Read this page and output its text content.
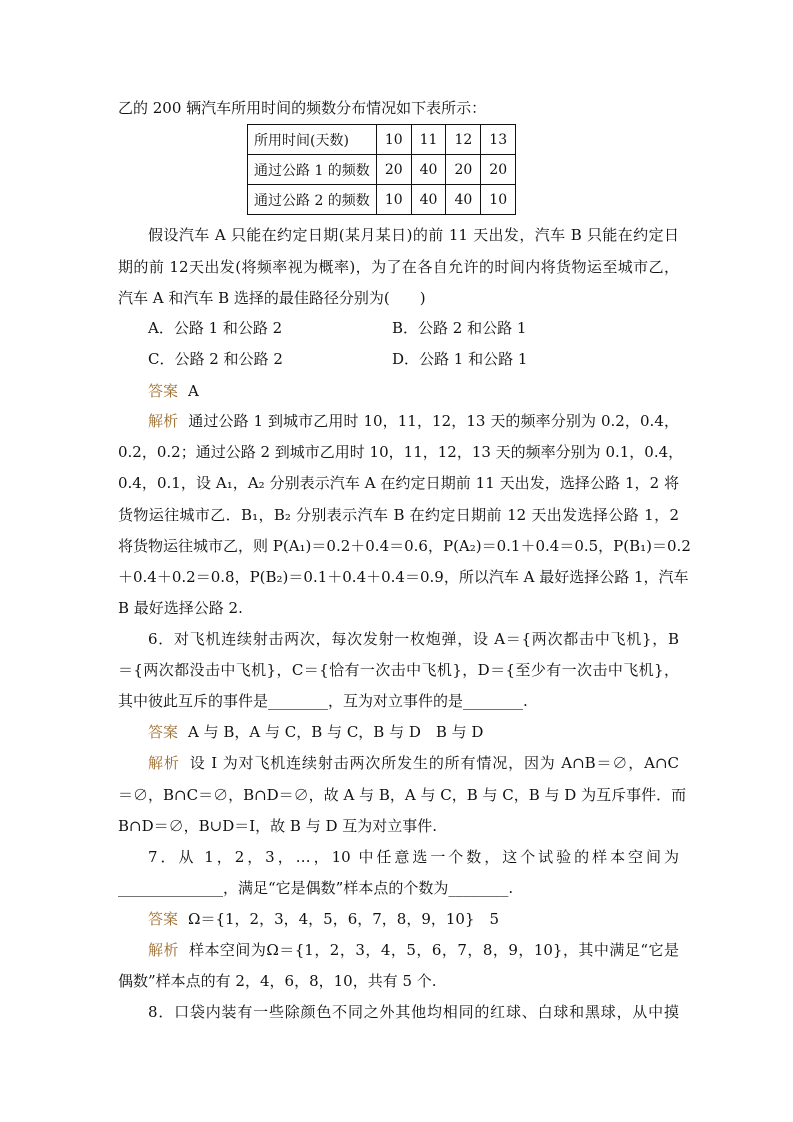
乙的 200 辆汽车所用时间的频数分布情况如下表所示：
所用时间(天数)	10	11	12	13
通过公路 1 的频数	20	40	20	20
通过公路 2 的频数	10	40	40	10
假设汽车 A 只能在约定日期(某月某日)的前 11 天出发，汽车 B 只能在约定日
期的前 12天出发(将频率视为概率)，为了在各自允许的时间内将货物运至城市乙，
汽车 A 和汽车 B 选择的最佳路径分别为(　　)
A．公路 1 和公路 2	B．公路 2 和公路 1
C．公路 2 和公路 2	D．公路 1 和公路 1
答案 A
解析 通过公路 1 到城市乙用时 10，11，12，13 天的频率分别为 0.2，0.4，
0.2，0.2；通过公路 2 到城市乙用时 10，11，12，13 天的频率分别为 0.1，0.4，
0.4，0.1，设 A₁，A₂ 分别表示汽车 A 在约定日期前 11 天出发，选择公路 1，2 将
货物运往城市乙．B₁，B₂ 分别表示汽车 B 在约定日期前 12 天出发选择公路 1，2
将货物运往城市乙，则 P(A₁)＝0.2＋0.4＝0.6，P(A₂)＝0.1＋0.4＝0.5，P(B₁)＝0.2
＋0.4＋0.2＝0.8，P(B₂)＝0.1＋0.4＋0.4＝0.9，所以汽车 A 最好选择公路 1，汽车
B 最好选择公路 2.
6．对飞机连续射击两次，每次发射一枚炮弹，设 A＝{两次都击中飞机}，B
＝{两次都没击中飞机}，C＝{恰有一次击中飞机}，D＝{至少有一次击中飞机}，
其中彼此互斥的事件是________，互为对立事件的是________.
答案 A 与 B，A 与 C，B 与 C，B 与 D　B 与 D
解析 设 I 为对飞机连续射击两次所发生的所有情况，因为 A∩B＝∅，A∩C
＝∅，B∩C＝∅，B∩D＝∅，故 A 与 B，A 与 C，B 与 C，B 与 D 为互斥事件．而
B∩D＝∅，B∪D＝I，故 B 与 D 互为对立事件.
7．从 1，2，3，…，10 中任意选一个数，这个试验的样本空间为
______________，满足“它是偶数”样本点的个数为________.
答案 Ω＝{1，2，3，4，5，6，7，8，9，10}　5
解析 样本空间为Ω＝{1，2，3，4，5，6，7，8，9，10}，其中满足“它是
偶数”样本点的有 2，4，6，8，10，共有 5 个.
8．口袋内装有一些除颜色不同之外其他均相同的红球、白球和黑球，从中摸
